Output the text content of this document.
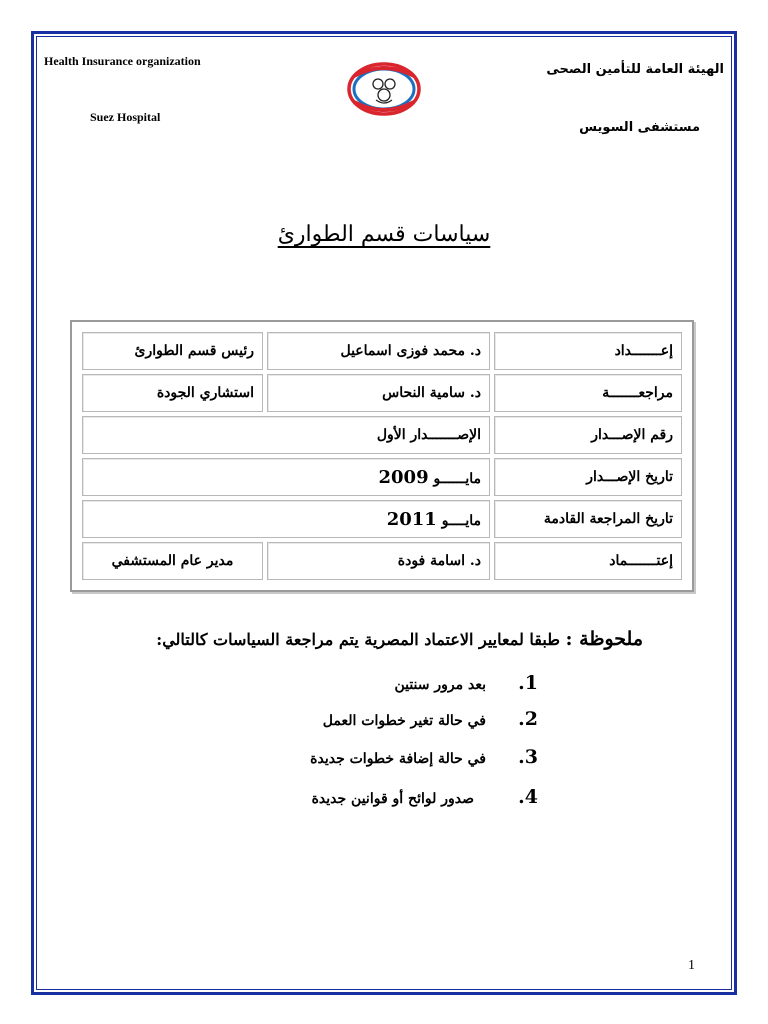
Health Insurance organization
Suez Hospital
الهيئة العامة للتأمين الصحى
مستشفى السويس
سياسات قسم الطوارئ
إعـــــــداد	د. محمد فوزى اسماعيل	رئيس قسم الطوارئ
مراجعـــــــة	د. سامية النحاس	استشاري الجودة
رقم الإصـــدار	الإصـــــــدار الأول	
تاريخ الإصـــدار	مايــــــو 2009	
تاريخ المراجعة القادمة	مايــــو 2011	
إعتـــــــماد	د. اسامة فودة	مدير عام المستشفي
ملحوظة : طبقا لمعايير الاعتماد المصرية يتم مراجعة السياسات كالتالي:
1.بعد مرور سنتين
2.في حالة تغير خطوات العمل
3.في حالة إضافة خطوات جديدة
4.صدور لوائح أو قوانين جديدة
1
